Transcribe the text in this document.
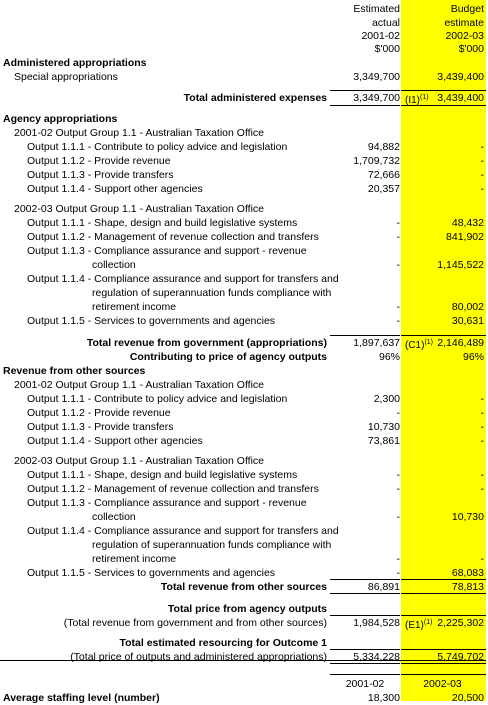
Estimated	Budget
actual	estimate
2001-02	2002-03
$'000	$'000
Administered appropriations
Special appropriations	3,349,700	3,439,400
Total administered expenses	3,349,700 $(I1)^{(1)}$ 3,439,400
Agency appropriations
2001-02 Output Group 1.1 - Australian Taxation Office
Output 1.1.1 - Contribute to policy advice and legislation	94,882	-
Output 1.1.2 - Provide revenue	1,709,732	-
Output 1.1.3 - Provide transfers	72,666	-
Output 1.1.4 - Support other agencies	20,357	-
2002-03 Output Group 1.1 - Australian Taxation Office
Output 1.1.1 - Shape, design and build legislative systems	-	48,432
Output 1.1.2 - Management of revenue collection and transfers	-	841,902
Output 1.1.3 - Compliance assurance and support - revenue
collection	-	1,145,522
Output 1.1.4 - Compliance assurance and support for transfers and
regulation of superannuation funds compliance with
retirement income	-	80,002
Output 1.1.5 - Services to governments and agencies	-	30,631
Total revenue from government (appropriations)	1,897,637 $(C1)^{(1)}$ 2,146,489
Contributing to price of agency outputs	96%	96%
Revenue from other sources
2001-02 Output Group 1.1 - Australian Taxation Office
Output 1.1.1 - Contribute to policy advice and legislation	2,300	-
Output 1.1.2 - Provide revenue	-	-
Output 1.1.3 - Provide transfers	10,730	-
Output 1.1.4 - Support other agencies	73,861	-
2002-03 Output Group 1.1 - Australian Taxation Office
Output 1.1.1 - Shape, design and build legislative systems	-	-
Output 1.1.2 - Management of revenue collection and transfers	-	-
Output 1.1.3 - Compliance assurance and support - revenue
collection	-	10,730
Output 1.1.4 - Compliance assurance and support for transfers and
regulation of superannuation funds compliance with
retirement income	-	-
Output 1.1.5 - Services to governments and agencies	-	68,083
Total revenue from other sources	86,891	78,813
Total price from agency outputs
(Total revenue from government and from other sources)	1,984,528 $(E1)^{(1)}$ 2,225,302
Total estimated resourcing for Outcome 1
(Total price of outputs and administered appropriations)	5,334,228	5,749,702
2001-02	2002-03
Average staffing level (number)	18,300	20,500
